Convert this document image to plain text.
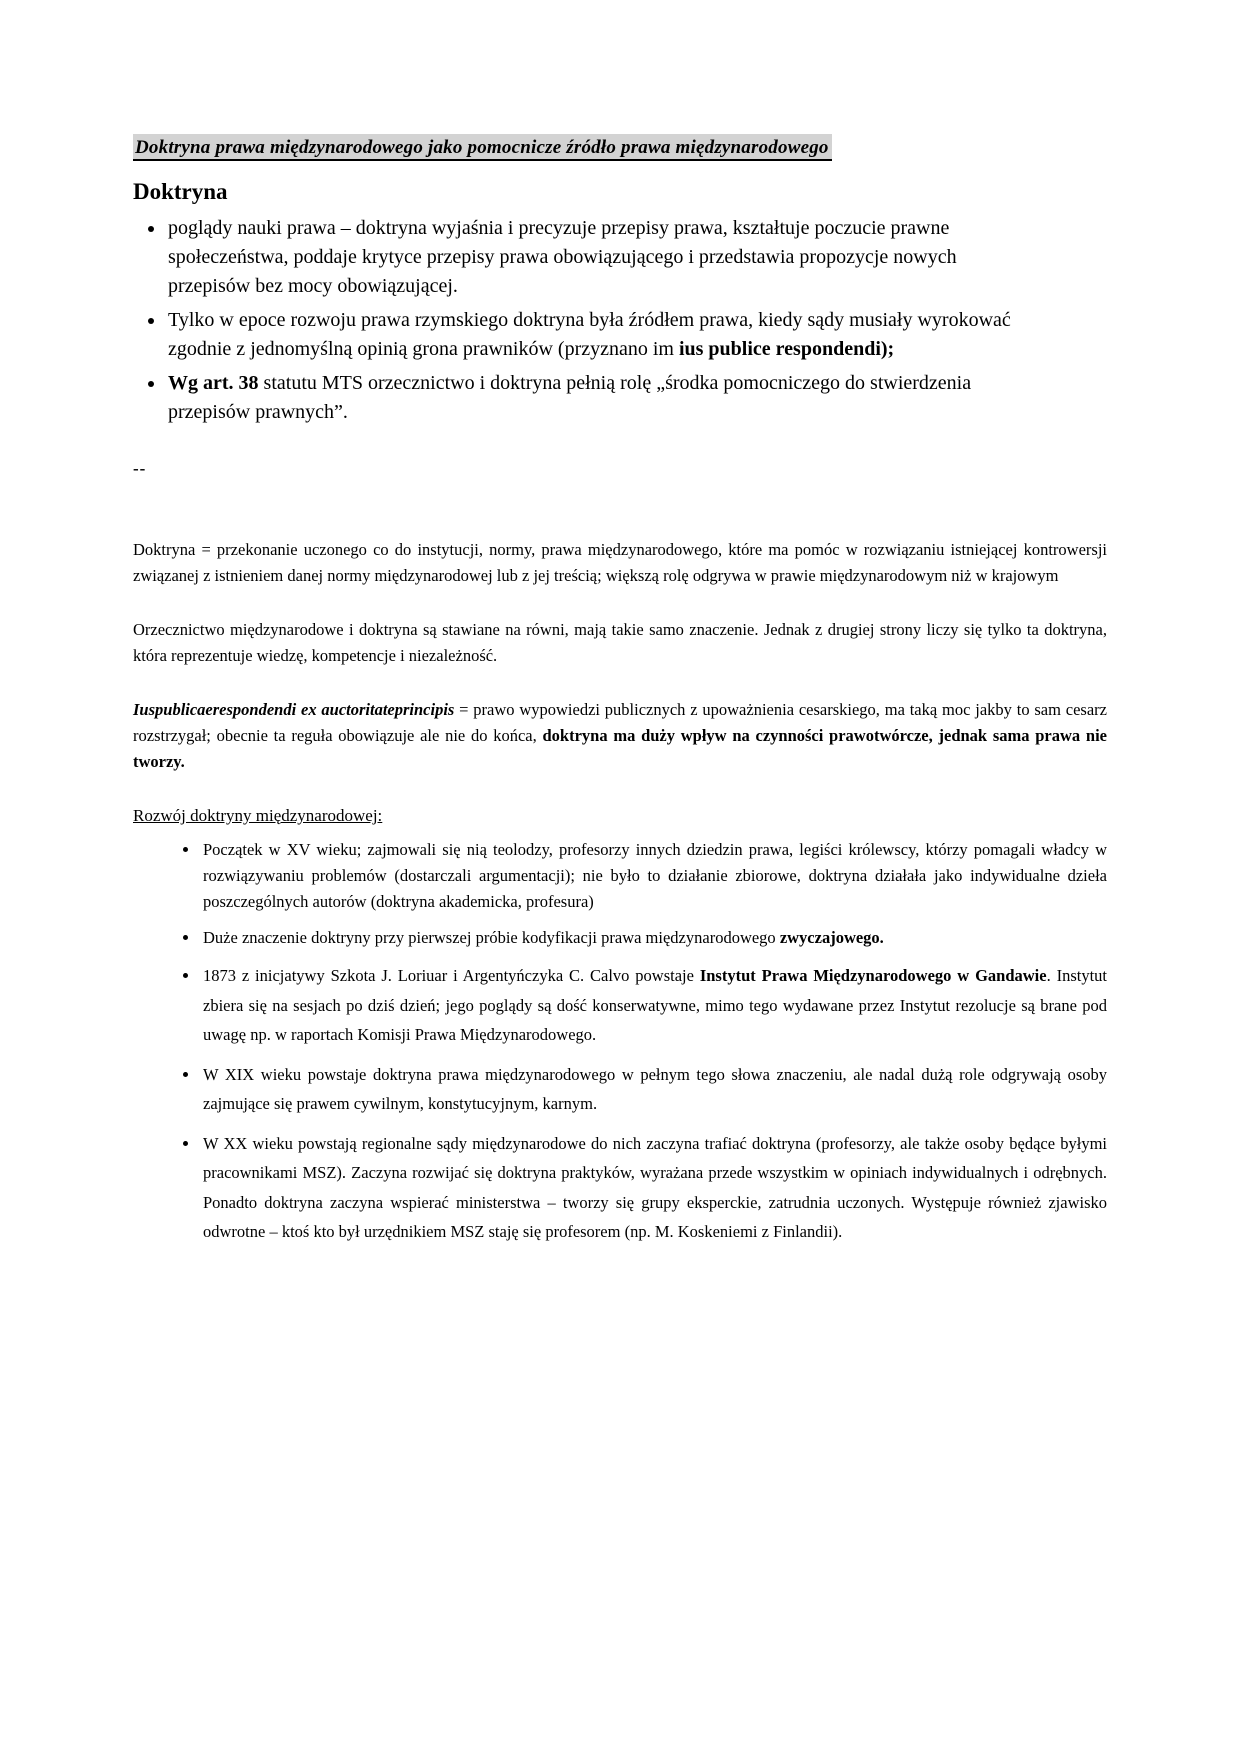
Doktryna prawa międzynarodowego jako pomocnicze źródło prawa międzynarodowego
Doktryna
• poglądy nauki prawa – doktryna wyjaśnia i precyzuje przepisy prawa, kształtuje poczucie prawne społeczeństwa, poddaje krytyce przepisy prawa obowiązującego i przedstawia propozycje nowych przepisów bez mocy obowiązującej.
• Tylko w epoce rozwoju prawa rzymskiego doktryna była źródłem prawa, kiedy sądy musiały wyrokować zgodnie z jednomyślną opinią grona prawników (przyznano im ius publice respondendi);
• Wg art. 38 statutu MTS orzecznictwo i doktryna pełnią rolę „środka pomocniczego do stwierdzenia przepisów prawnych”.
--

Doktryna = przekonanie uczonego co do instytucji, normy, prawa międzynarodowego, które ma pomóc w rozwiązaniu istniejącej kontrowersji związanej z istnieniem danej normy międzynarodowej lub z jej treścią; większą rolę odgrywa w prawie międzynarodowym niż w krajowym

Orzecznictwo międzynarodowe i doktryna są stawiane na równi, mają takie samo znaczenie. Jednak z drugiej strony liczy się tylko ta doktryna, która reprezentuje wiedzę, kompetencje i niezależność.

Iuspublicaerespondendi ex auctoritateprincipis = prawo wypowiedzi publicznych z upoważnienia cesarskiego, ma taką moc jakby to sam cesarz rozstrzygał; obecnie ta reguła obowiązuje ale nie do końca, doktryna ma duży wpływ na czynności prawotwórcze, jednak sama prawa nie tworzy.

Rozwój doktryny międzynarodowej:
• Początek w XV wieku; zajmowali się nią teolodzy, profesorzy innych dziedzin prawa, legiści królewscy, którzy pomagali władcy w rozwiązywaniu problemów (dostarczali argumentacji); nie było to działanie zbiorowe, doktryna działała jako indywidualne dzieła poszczególnych autorów (doktryna akademicka, profesura)
• Duże znaczenie doktryny przy pierwszej próbie kodyfikacji prawa międzynarodowego zwyczajowego.
• 1873 z inicjatywy Szkota J. Loriuar i Argentyńczyka C. Calvo powstaje Instytut Prawa Międzynarodowego w Gandawie. Instytut zbiera się na sesjach po dziś dzień; jego poglądy są dość konserwatywne, mimo tego wydawane przez Instytut rezolucje są brane pod uwagę np. w raportach Komisji Prawa Międzynarodowego.
• W XIX wieku powstaje doktryna prawa międzynarodowego w pełnym tego słowa znaczeniu, ale nadal dużą role odgrywają osoby zajmujące się prawem cywilnym, konstytucyjnym, karnym.
• W XX wieku powstają regionalne sądy międzynarodowe do nich zaczyna trafiać doktryna (profesorzy, ale także osoby będące byłymi pracownikami MSZ). Zaczyna rozwijać się doktryna praktyków, wyrażana przede wszystkim w opiniach indywidualnych i odrębnych. Ponadto doktryna zaczyna wspierać ministerstwa – tworzy się grupy eksperckie, zatrudnia uczonych. Występuje również zjawisko odwrotne – ktoś kto był urzędnikiem MSZ staję się profesorem (np. M. Koskeniemi z Finlandii).
